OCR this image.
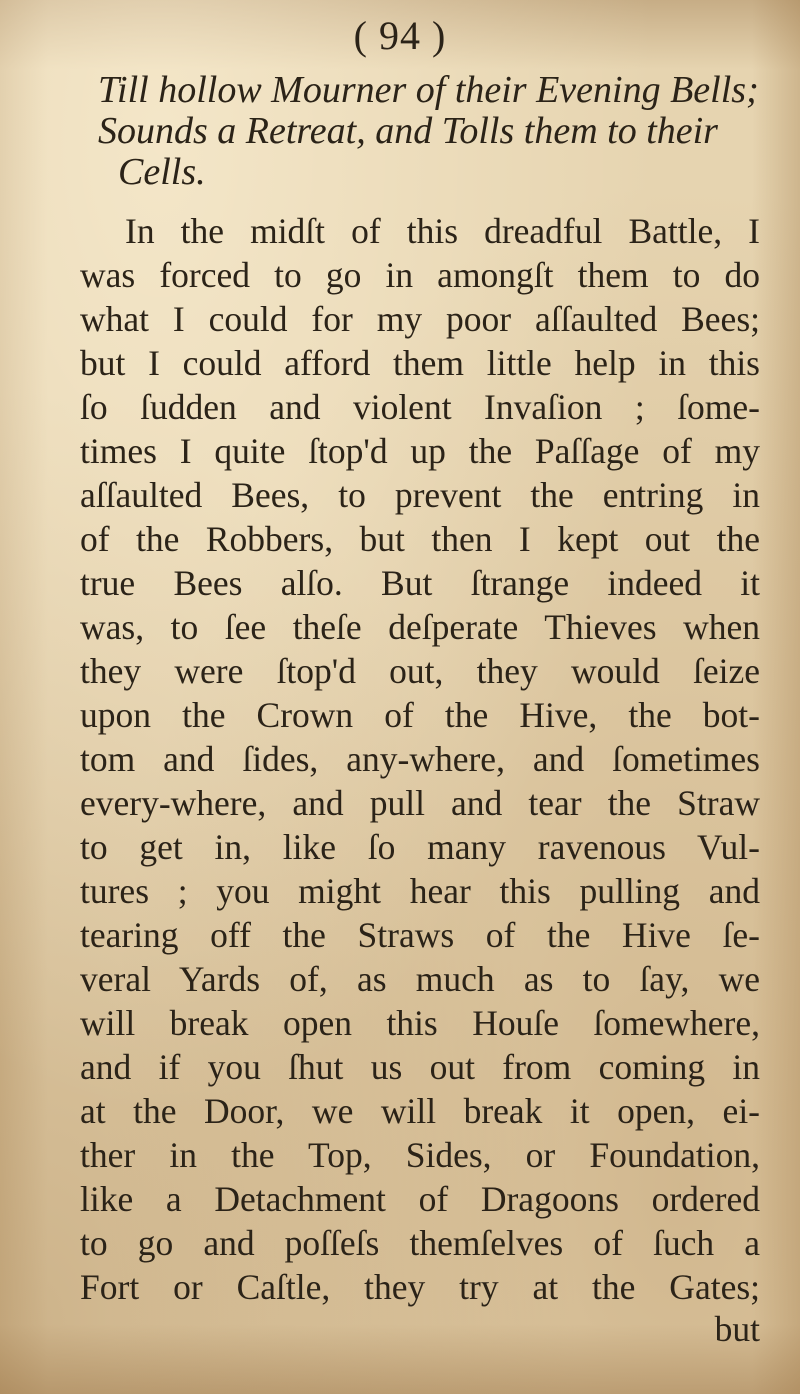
( 94 )
Till hollow Mourner of their Evening Bells;
Sounds a Retreat, and Tolls them to their
Cells.
In the midſt of this dreadful Battle, I
was forced to go in amongſt them to do
what I could for my poor aſſaulted Bees;
but I could afford them little help in this
ſo ſudden and violent Invaſion ; ſome-
times I quite ſtop'd up the Paſſage of my
aſſaulted Bees, to prevent the entring in
of the Robbers, but then I kept out the
true Bees alſo. But ſtrange indeed it
was, to ſee theſe deſperate Thieves when
they were ſtop'd out, they would ſeize
upon the Crown of the Hive, the bot-
tom and ſides, any-where, and ſometimes
every-where, and pull and tear the Straw
to get in, like ſo many ravenous Vul-
tures ; you might hear this pulling and
tearing off the Straws of the Hive ſe-
veral Yards of, as much as to ſay, we
will break open this Houſe ſomewhere,
and if you ſhut us out from coming in
at the Door, we will break it open, ei-
ther in the Top, Sides, or Foundation,
like a Detachment of Dragoons ordered
to go and poſſeſs themſelves of ſuch a
Fort or Caſtle, they try at the Gates;
but
